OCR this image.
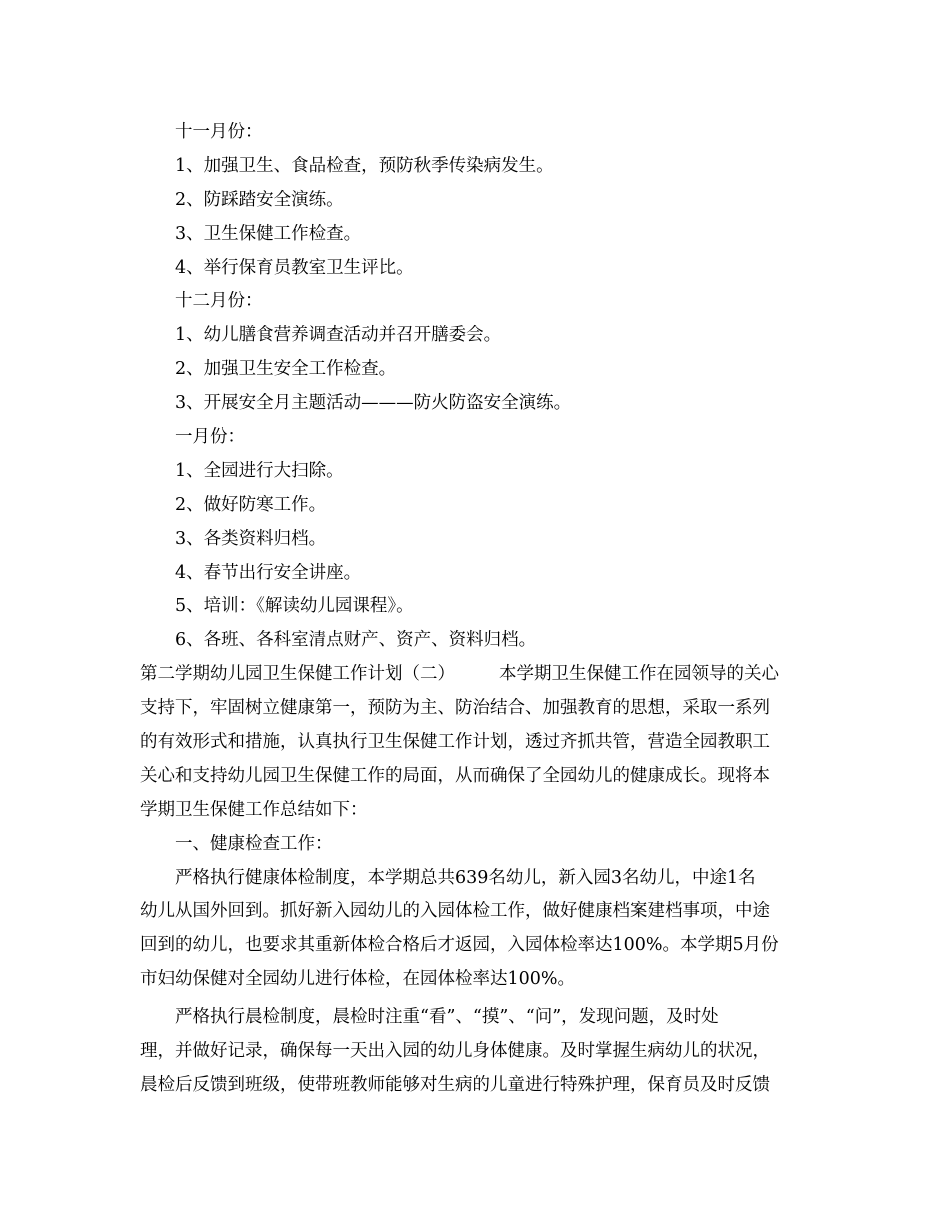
十一月份：
1、加强卫生、食品检查，预防秋季传染病发生。
2、防踩踏安全演练。
3、卫生保健工作检查。
4、举行保育员教室卫生评比。
十二月份：
1、幼儿膳食营养调查活动并召开膳委会。
2、加强卫生安全工作检查。
3、开展安全月主题活动———防火防盗安全演练。
一月份：
1、全园进行大扫除。
2、做好防寒工作。
3、各类资料归档。
4、春节出行安全讲座。
5、培训：《解读幼儿园课程》。
6、各班、各科室清点财产、资产、资料归档。
第二学期幼儿园卫生保健工作计划（二）	本学期卫生保健工作在园领导的关心
支持下，牢固树立健康第一，预防为主、防治结合、加强教育的思想，采取一系列
的有效形式和措施，认真执行卫生保健工作计划，透过齐抓共管，营造全园教职工
关心和支持幼儿园卫生保健工作的局面，从而确保了全园幼儿的健康成长。现将本
学期卫生保健工作总结如下：
一、健康检查工作：
严格执行健康体检制度，本学期总共639名幼儿，新入园3名幼儿，中途1名
幼儿从国外回到。抓好新入园幼儿的入园体检工作，做好健康档案建档事项，中途
回到的幼儿，也要求其重新体检合格后才返园，入园体检率达100%。本学期5月份
市妇幼保健对全园幼儿进行体检，在园体检率达100%。
严格执行晨检制度，晨检时注重“看”、“摸”、“问”，发现问题，及时处
理，并做好记录，确保每一天出入园的幼儿身体健康。及时掌握生病幼儿的状况，
晨检后反馈到班级，使带班教师能够对生病的儿童进行特殊护理，保育员及时反馈
